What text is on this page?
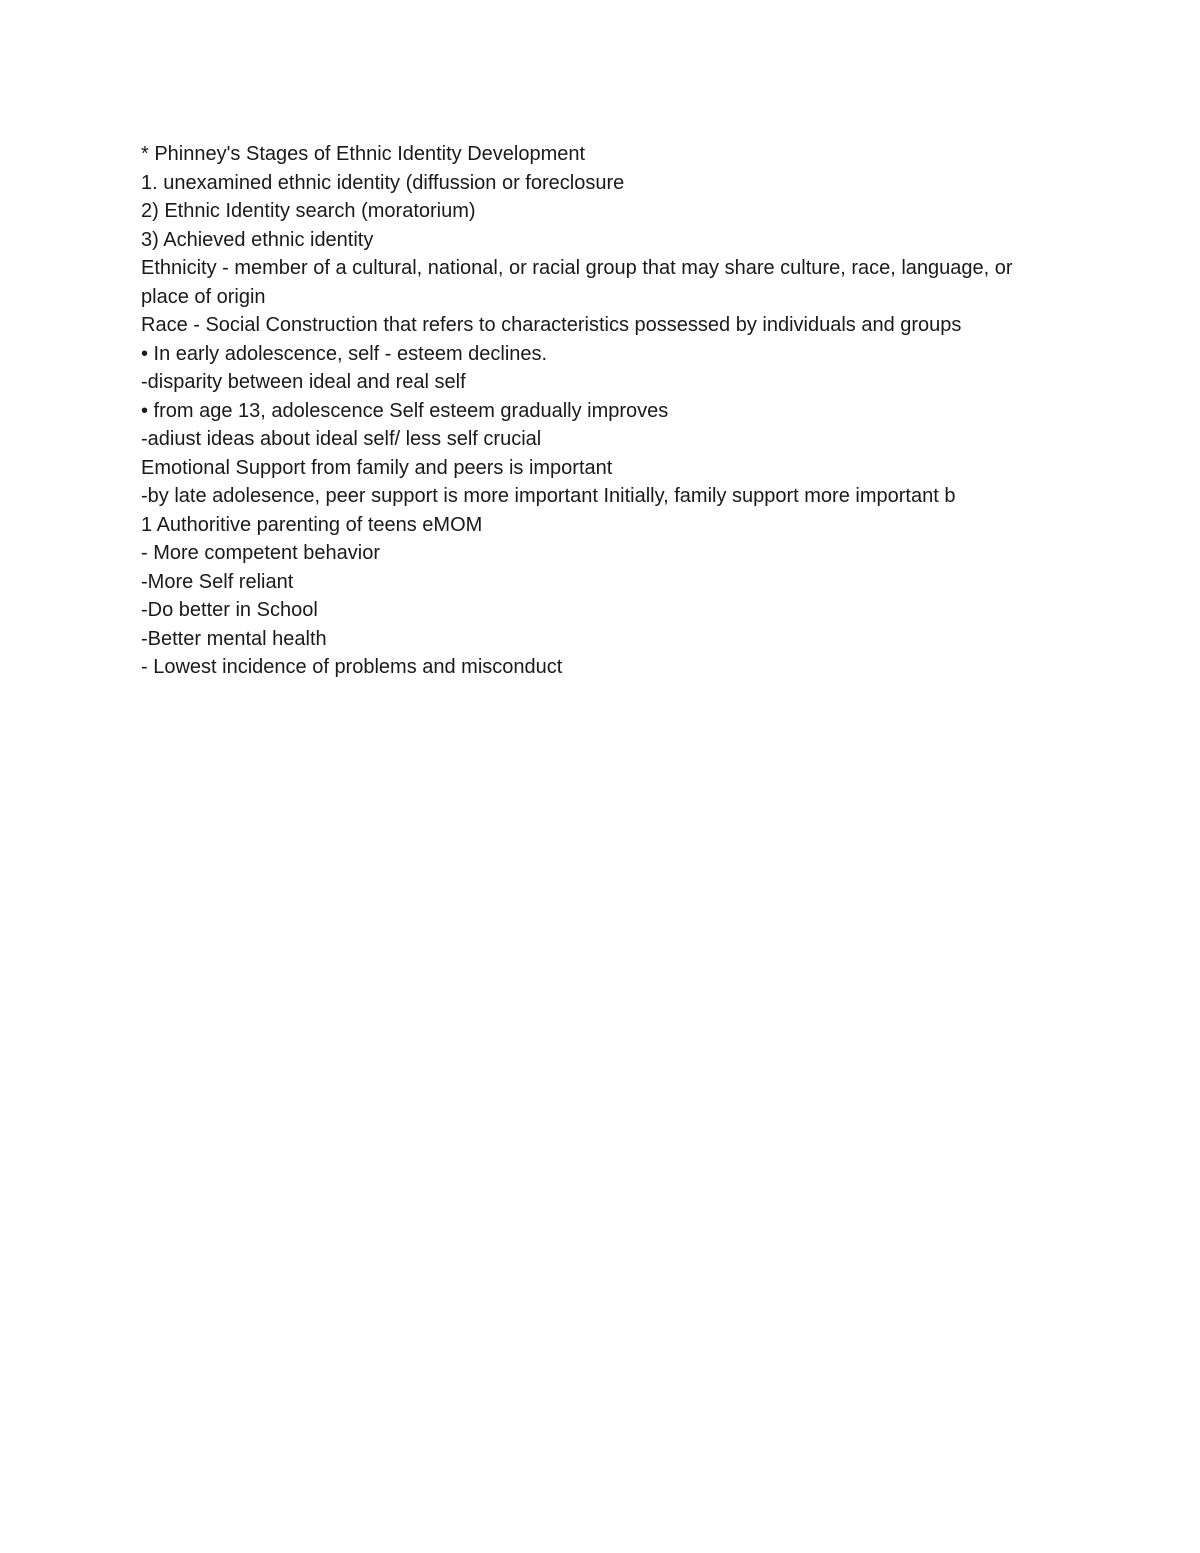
* Phinney's Stages of Ethnic Identity Development

1. unexamined ethnic identity (diffussion or foreclosure

2) Ethnic Identity search (moratorium)

3) Achieved ethnic identity

Ethnicity - member of a cultural, national, or racial group that may share culture, race, language, or place of origin

Race - Social Construction that refers to characteristics possessed by individuals and groups

• In early adolescence, self - esteem declines.

-disparity between ideal and real self

• from age 13, adolescence Self esteem gradually improves

-adiust ideas about ideal self/ less self crucial

Emotional Support from family and peers is important

-by late adolesence, peer support is more important Initially, family support more important b

1 Authoritive parenting of teens eMOM

- More competent behavior

-More Self reliant

-Do better in School

-Better mental health

- Lowest incidence of problems and misconduct
